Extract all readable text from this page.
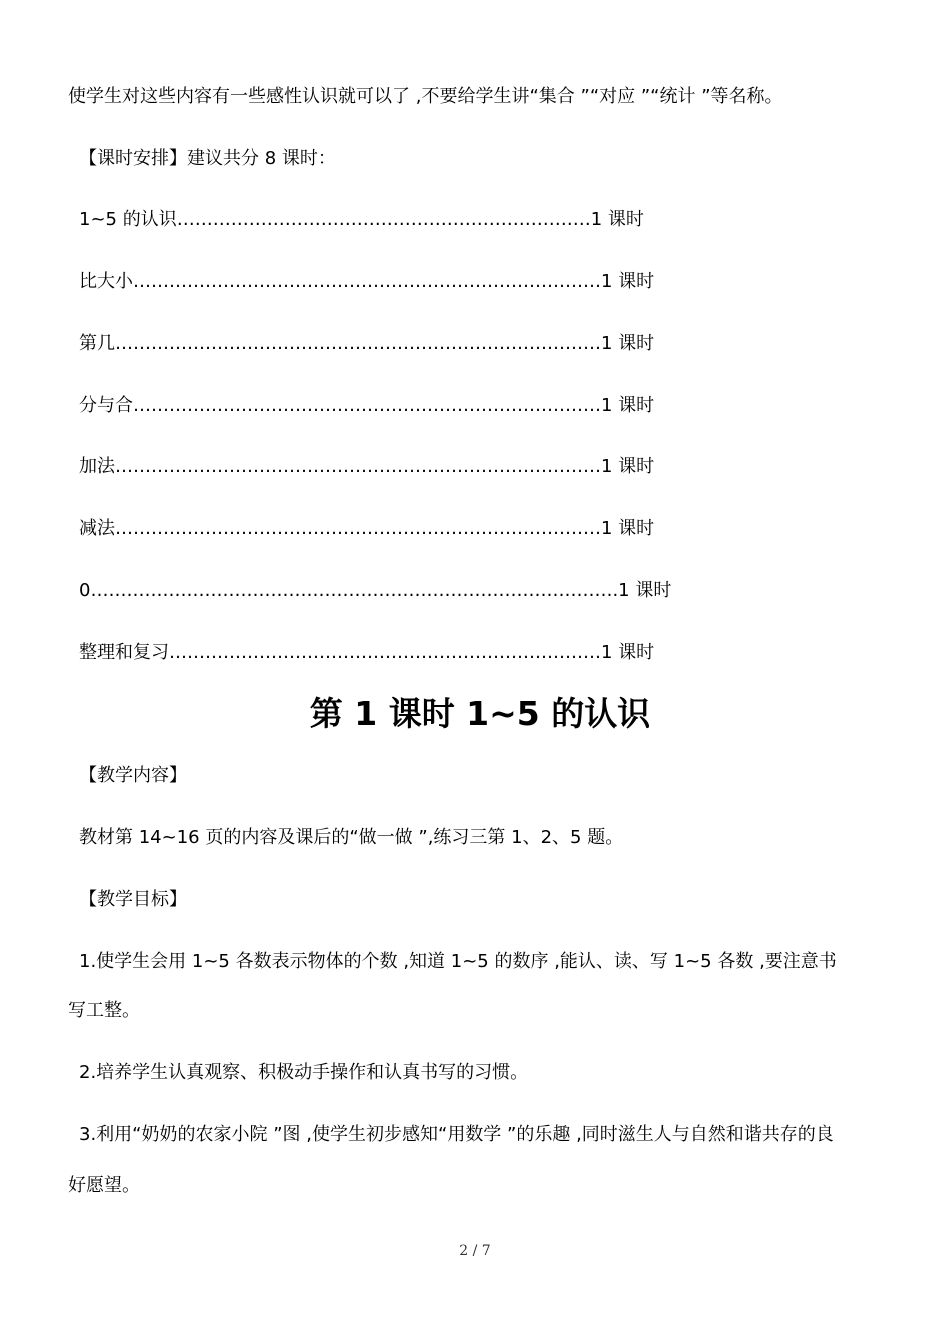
使学生对这些内容有一些感性认识就可以了 ,不要给学生讲“集合 ”“对应 ”“统计 ”等名称。
【课时安排】建议共分 8 课时：
1~5 的认识……………………………………………………………1 课时
比大小……………………………………………………………………1 课时
第几………………………………………………………………………1 课时
分与合……………………………………………………………………1 课时
加法………………………………………………………………………1 课时
减法………………………………………………………………………1 课时
0…………………………………………………………………………….1 课时
整理和复习………………………………………………………………1 课时
第 1 课时 1~5 的认识
【教学内容】
教材第 14~16 页的内容及课后的“做一做 ”,练习三第 1、2、5 题。
【教学目标】
1.使学生会用 1~5 各数表示物体的个数 ,知道 1~5 的数序 ,能认、读、写 1~5 各数 ,要注意书
写工整。
2.培养学生认真观察、积极动手操作和认真书写的习惯。
3.利用“奶奶的农家小院 ”图 ,使学生初步感知“用数学 ”的乐趣 ,同时滋生人与自然和谐共存的良
好愿望。
2 / 7
